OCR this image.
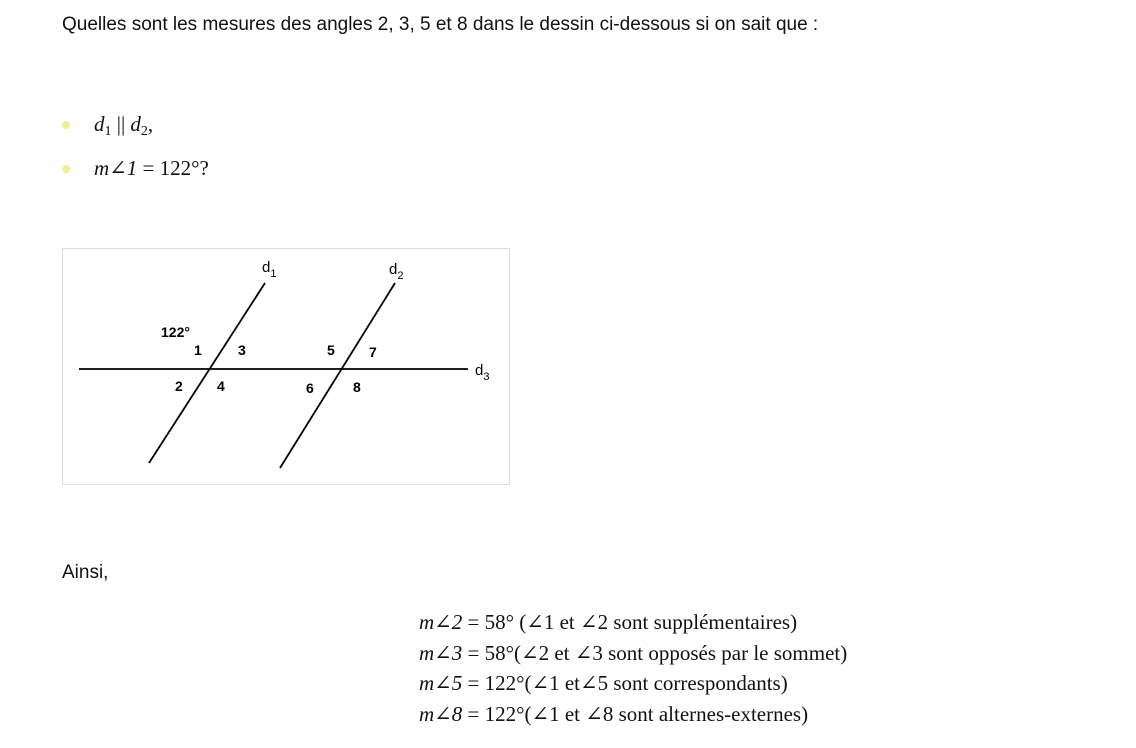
Quelles sont les mesures des angles 2, 3, 5 et 8 dans le dessin ci-dessous si on sait que :

$d_1$ || $d_2$,
m∠1 = 122°?
$d_1$	$d_2$
$d_3$
122°
1
2
3
4
5
6
7
8
Ainsi,
m∠2 = 58° (∠1 et ∠2 sont supplémentaires)
m∠3 = 58°(∠2 et ∠3 sont opposés par le sommet)
m∠5 = 122°(∠1 et∠5 sont correspondants)
m∠8 = 122°(∠1 et ∠8 sont alternes-externes)
